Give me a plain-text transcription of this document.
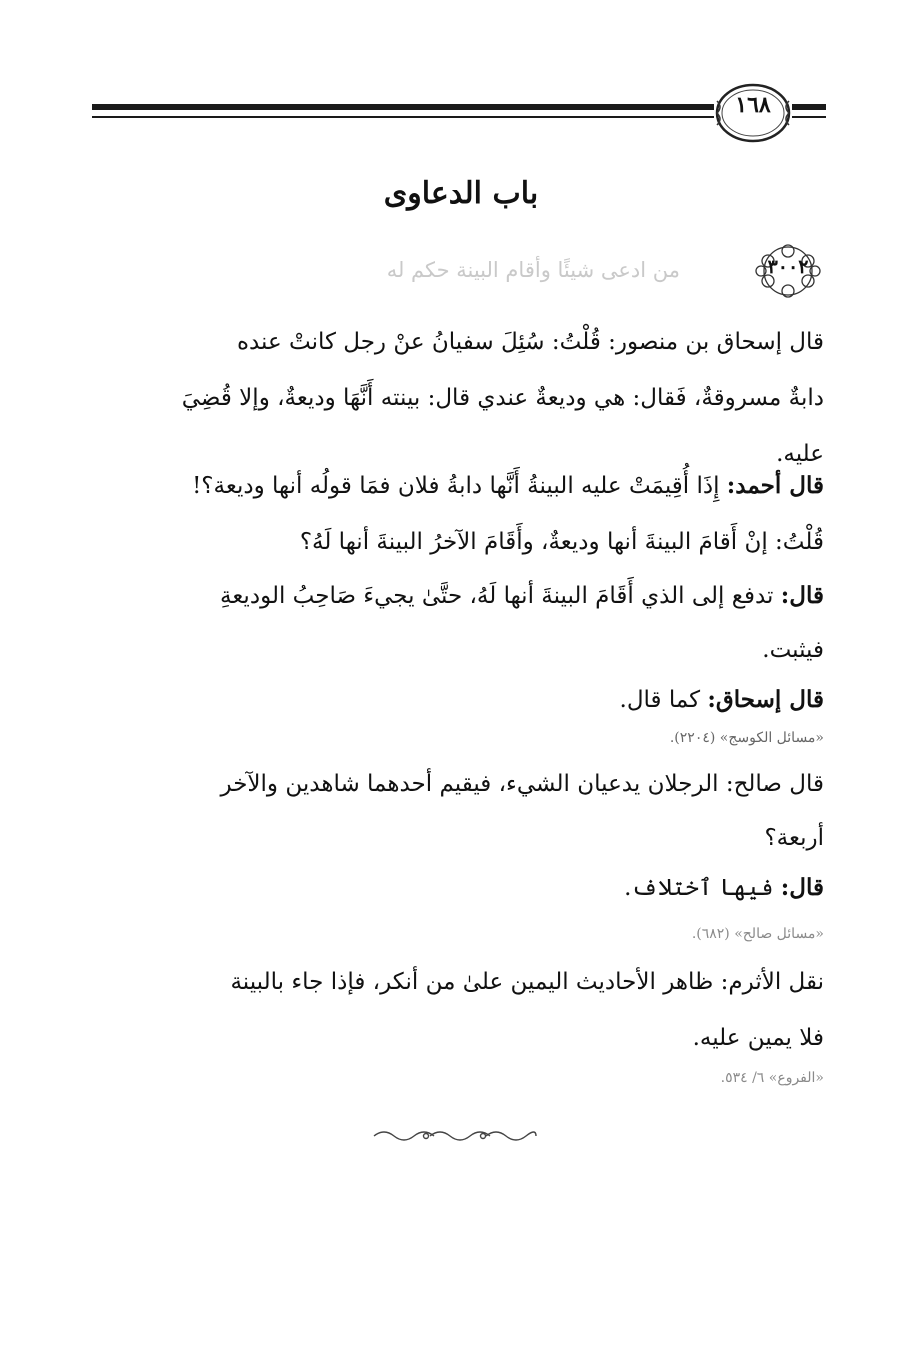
١٦٨
باب الدعاوى
٣٠٠٢
من ادعى شيئًا وأقام البينة حكم له
قال إسحاق بن منصور: قُلْتُ: سُئِلَ سفيانُ عنْ رجل كانتْ عنده
دابةٌ مسروقةٌ، فَقال: هي وديعةٌ عندي قال: بينته أَنَّهَا وديعةٌ، وإلا قُضِيَ
عليه.
قال أحمد: إِذَا أُقِيمَتْ عليه البينةُ أَنَّها دابةُ فلان فمَا قولُه أنها وديعة؟!
قُلْتُ: إنْ أَقامَ البينةَ أنها وديعةٌ، وأَقَامَ الآخرُ البينةَ أنها لَهُ؟
قال: تدفع إلى الذي أَقَامَ البينةَ أنها لَهُ، حتَّىٰ يجيءَ صَاحِبُ الوديعةِ
فيثبت.
قال إسحاق: كما قال.
«مسائل الكوسج» (٢٢٠٤).
قال صالح: الرجلان يدعيان الشيء، فيقيم أحدهما شاهدين والآخر
أربعة؟
قال: فيها ٱختلاف.
«مسائل صالح» (٦٨٢).
نقل الأثرم: ظاهر الأحاديث اليمين علىٰ من أنكر، فإذا جاء بالبينة
فلا يمين عليه.
«الفروع» ٦/ ٥٣٤.
